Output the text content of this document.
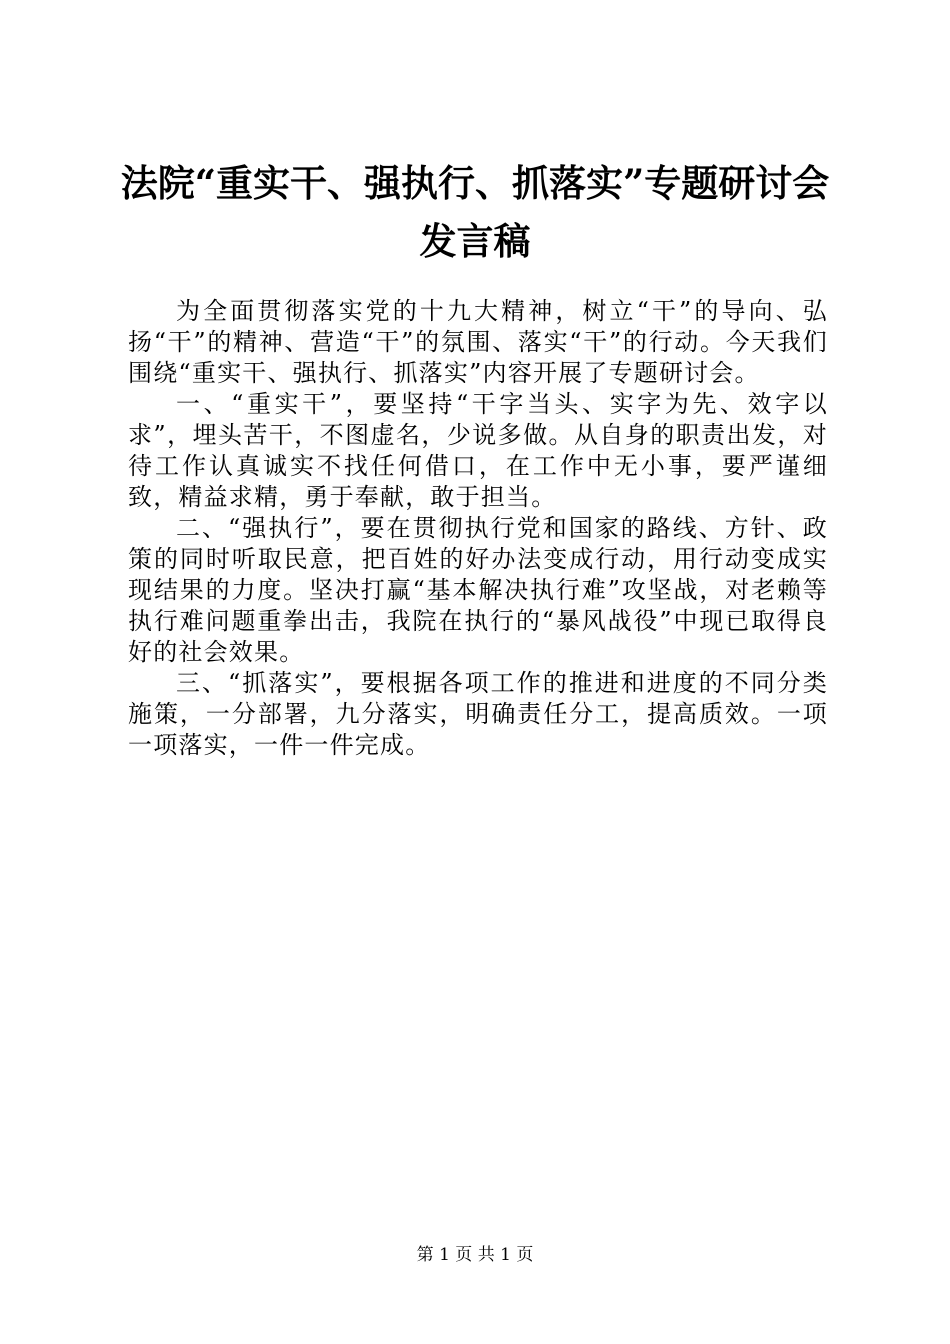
法院“重实干、强执行、抓落实”专题研讨会
发言稿

为全面贯彻落实党的十九大精神，树立“干”的导向、弘扬“干”的精神、营造“干”的氛围、落实“干”的行动。今天我们围绕“重实干、强执行、抓落实”内容开展了专题研讨会。

一、“重实干”，要坚持“干字当头、实字为先、效字以求”，埋头苦干，不图虚名，少说多做。从自身的职责出发，对待工作认真诚实不找任何借口，在工作中无小事，要严谨细致，精益求精，勇于奉献，敢于担当。

二、“强执行”，要在贯彻执行党和国家的路线、方针、政策的同时听取民意，把百姓的好办法变成行动，用行动变成实现结果的力度。坚决打赢“基本解决执行难”攻坚战，对老赖等执行难问题重拳出击，我院在执行的“暴风战役”中现已取得良好的社会效果。

三、“抓落实”，要根据各项工作的推进和进度的不同分类施策，一分部署，九分落实，明确责任分工，提高质效。一项一项落实，一件一件完成。

第 1 页 共 1 页
